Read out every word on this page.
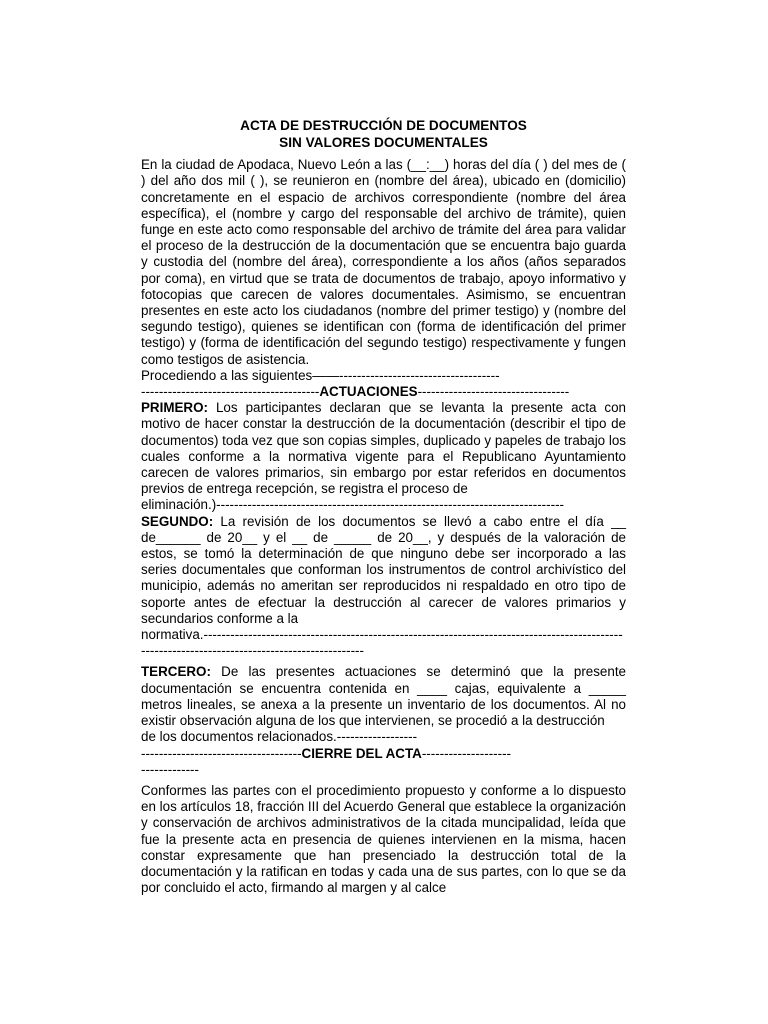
ACTA DE DESTRUCCIÓN DE DOCUMENTOS
SIN VALORES DOCUMENTALES

En la ciudad de Apodaca, Nuevo León a las (__:__) horas del día ( ) del mes de ( ) del año dos mil ( ), se reunieron en (nombre del área), ubicado en (domicilio) concretamente en el espacio de archivos correspondiente (nombre del área específica), el (nombre y cargo del responsable del archivo de trámite), quien funge en este acto como responsable del archivo de trámite del área para validar el proceso de la destrucción de la documentación que se encuentra bajo guarda y custodia del (nombre del área), correspondiente a los años (años separados por coma), en virtud que se trata de documentos de trabajo, apoyo informativo y fotocopias que carecen de valores documentales. Asimismo, se encuentran presentes en este acto los ciudadanos (nombre del primer testigo) y (nombre del segundo testigo), quienes se identifican con (forma de identificación del primer testigo) y (forma de identificación del segundo testigo) respectivamente y fungen como testigos de asistencia.

Procediendo a las siguientes——------------------------------------
----------------------------------------ACTUACIONES----------------------------------

PRIMERO: Los participantes declaran que se levanta la presente acta con motivo de hacer constar la destrucción de la documentación (describir el tipo de documentos) toda vez que son copias simples, duplicado y papeles de trabajo los cuales conforme a la normativa vigente para el Republicano Ayuntamiento carecen de valores primarios, sin embargo por estar referidos en documentos previos de entrega recepción, se registra el proceso de

eliminación.)------------------------------------------------------------------------------

SEGUNDO: La revisión de los documentos se llevó a cabo entre el día __ de______ de 20__ y el __ de _____ de 20__, y después de la valoración de estos, se tomó la determinación de que ninguno debe ser incorporado a las series documentales que conforman los instrumentos de control archivístico del municipio, además no ameritan ser reproducidos ni respaldado en otro tipo de soporte antes de efectuar la destrucción al carecer de valores primarios y secundarios conforme a la

normativa.----------------------------------------------------------------------------------------------
--------------------------------------------------

TERCERO: De las presentes actuaciones se determinó que la presente documentación se encuentra contenida en ____ cajas, equivalente a _____ metros lineales, se anexa a la presente un inventario de los documentos. Al no existir observación alguna de los que intervienen, se procedió a la destrucción

de los documentos relacionados.------------------
------------------------------------CIERRE DEL ACTA--------------------
-------------

Conformes las partes con el procedimiento propuesto y conforme a lo dispuesto en los artículos 18, fracción III del Acuerdo General que establece la organización y conservación de archivos administrativos de la citada muncipalidad, leída que fue la presente acta en presencia de quienes intervienen en la misma, hacen constar expresamente que han presenciado la destrucción total de la documentación y la ratifican en todas y cada una de sus partes, con lo que se da por concluido el acto, firmando al margen y al calce
